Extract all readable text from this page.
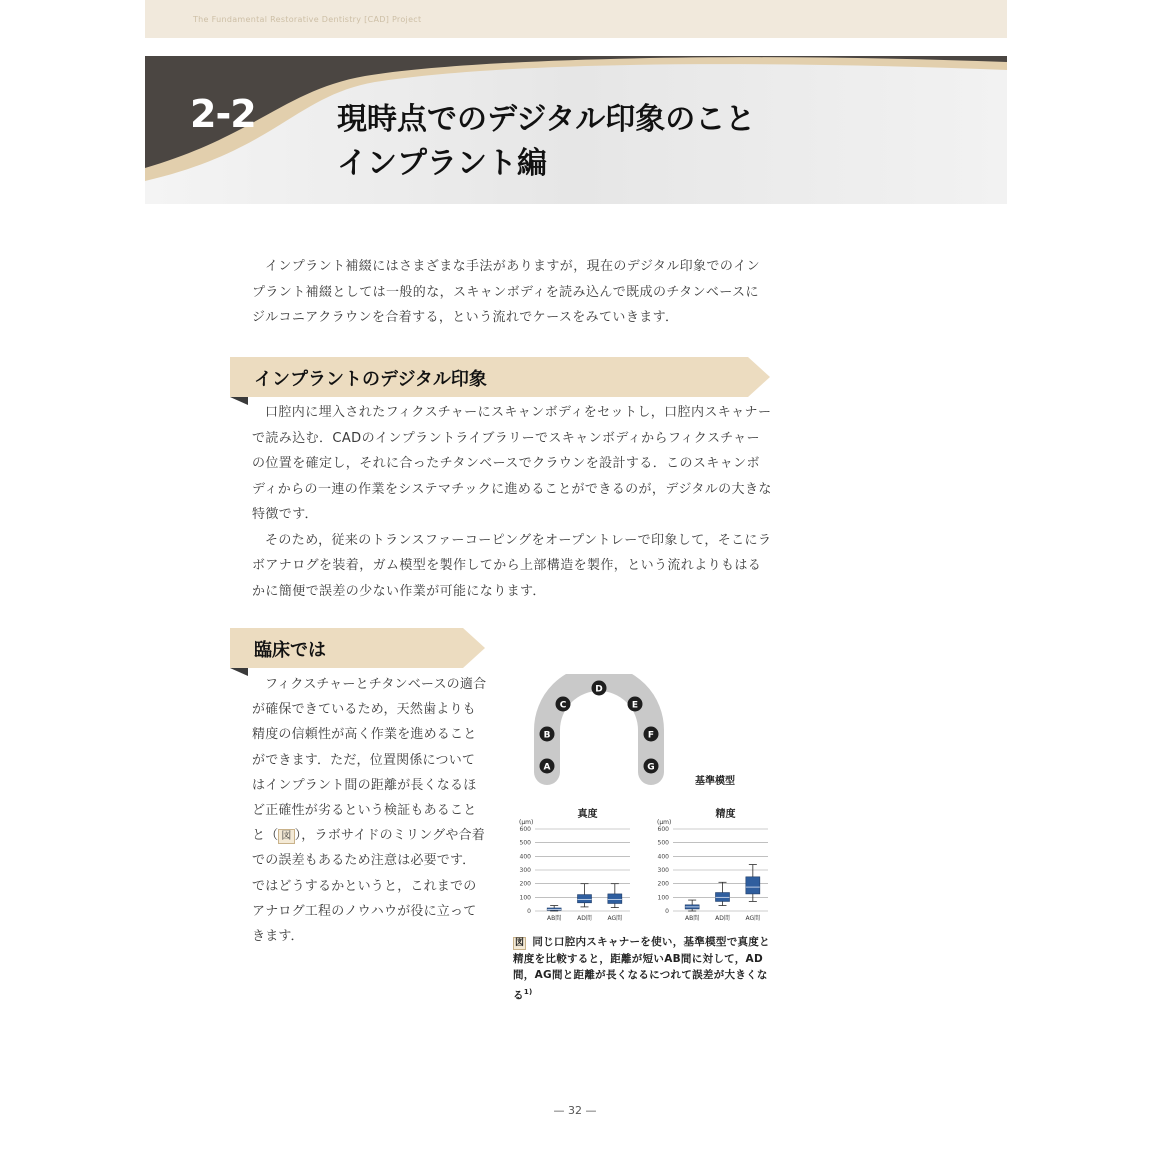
The Fundamental Restorative Dentistry [CAD] Project
2-2	現時点でのデジタル印象のこと
インプラント編

インプラント補綴にはさまざまな手法がありますが，現在のデジタル印象でのインプラント補綴としては一般的な，スキャンボディを読み込んで既成のチタンベースにジルコニアクラウンを合着する，という流れでケースをみていきます．

インプラントのデジタル印象

口腔内に埋入されたフィクスチャーにスキャンボディをセットし，口腔内スキャナーで読み込む．CADのインプラントライブラリーでスキャンボディからフィクスチャーの位置を確定し，それに合ったチタンベースでクラウンを設計する．このスキャンボディからの一連の作業をシステマチックに進めることができるのが，デジタルの大きな特徴です．

そのため，従来のトランスファーコーピングをオープントレーで印象して，そこにラボアナログを装着，ガム模型を製作してから上部構造を製作，という流れよりもはるかに簡便で誤差の少ない作業が可能になります．

臨床では

フィクスチャーとチタンベースの適合が確保できているため，天然歯よりも精度の信頼性が高く作業を進めることができます．ただ，位置関係についてはインプラント間の距離が長くなるほど正確性が劣るという検証もあることと（ 図 ），ラボサイドのミリングや合着での誤差もあるため注意は必要です．ではどうするかというと，これまでのアナログ工程のノウハウが役に立ってきます．

A
B
C
D
E
F
G
基準模型
真度
(μm)
0
100
200
300
400
500
600
AB間	AD間	AG間
精度
(μm)
0
100
200
300
400
500
600
AB間	AD間	AG間
図 同じ口腔内スキャナーを使い，基準模型で真度と精度を比較すると，距離が短いAB間に対して，AD間，AG間と距離が長くなるにつれて誤差が大きくなる$^{1)}$
— 32 —
